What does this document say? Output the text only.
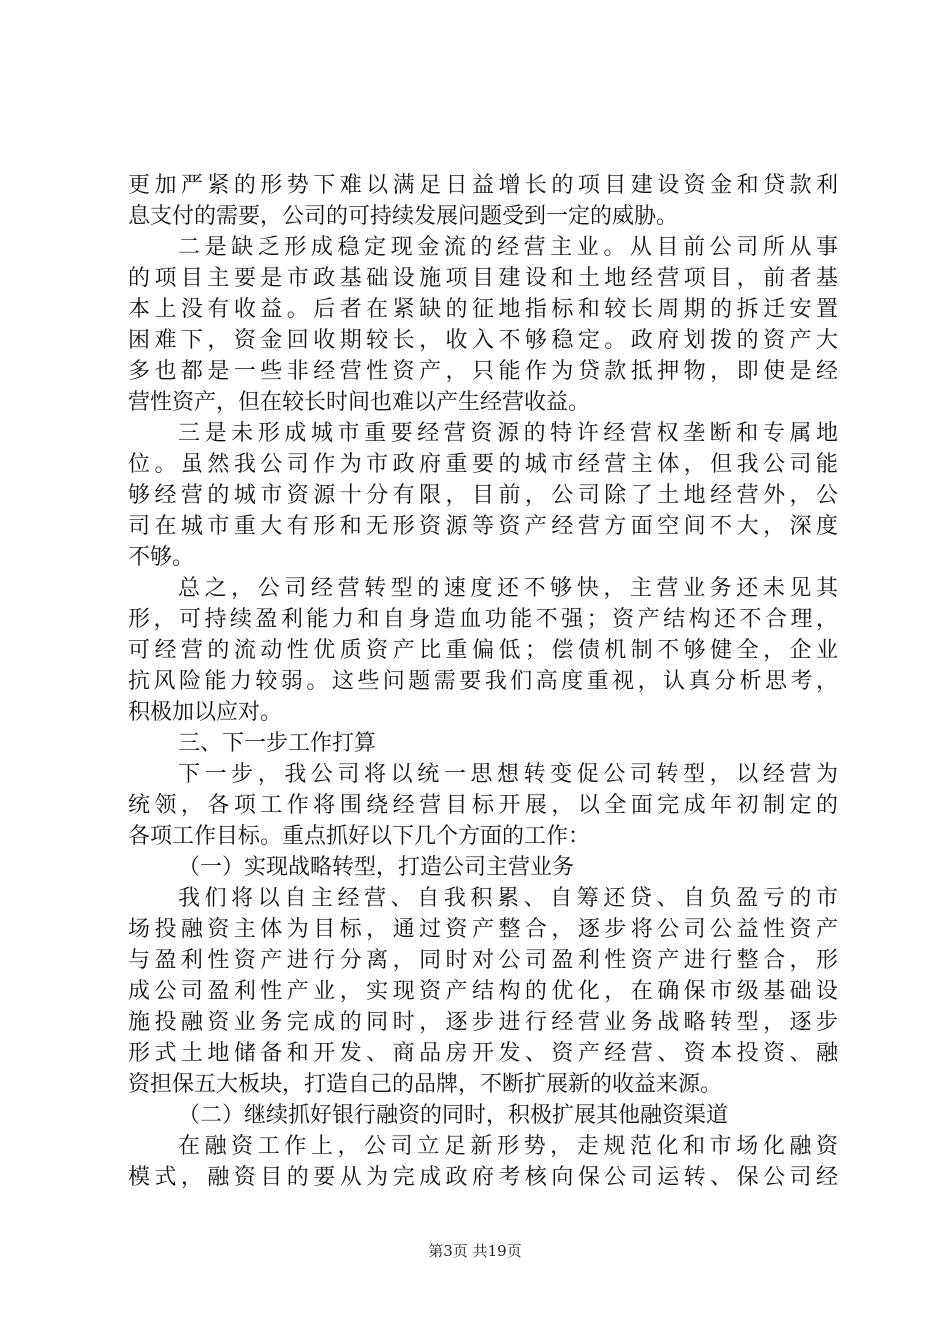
更加严紧的形势下难以满足日益增长的项目建设资金和贷款利
息支付的需要，公司的可持续发展问题受到一定的威胁。
二是缺乏形成稳定现金流的经营主业。从目前公司所从事
的项目主要是市政基础设施项目建设和土地经营项目，前者基
本上没有收益。后者在紧缺的征地指标和较长周期的拆迁安置
困难下，资金回收期较长，收入不够稳定。政府划拨的资产大
多也都是一些非经营性资产，只能作为贷款抵押物，即使是经
营性资产，但在较长时间也难以产生经营收益。
三是未形成城市重要经营资源的特许经营权垄断和专属地
位。虽然我公司作为市政府重要的城市经营主体，但我公司能
够经营的城市资源十分有限，目前，公司除了土地经营外，公
司在城市重大有形和无形资源等资产经营方面空间不大，深度
不够。
总之，公司经营转型的速度还不够快，主营业务还未见其
形，可持续盈利能力和自身造血功能不强；资产结构还不合理，
可经营的流动性优质资产比重偏低；偿债机制不够健全，企业
抗风险能力较弱。这些问题需要我们高度重视，认真分析思考，
积极加以应对。
三、下一步工作打算
下一步，我公司将以统一思想转变促公司转型，以经营为
统领，各项工作将围绕经营目标开展，以全面完成年初制定的
各项工作目标。重点抓好以下几个方面的工作：
（一）实现战略转型，打造公司主营业务
我们将以自主经营、自我积累、自筹还贷、自负盈亏的市
场投融资主体为目标，通过资产整合，逐步将公司公益性资产
与盈利性资产进行分离，同时对公司盈利性资产进行整合，形
成公司盈利性产业，实现资产结构的优化，在确保市级基础设
施投融资业务完成的同时，逐步进行经营业务战略转型，逐步
形式土地储备和开发、商品房开发、资产经营、资本投资、融
资担保五大板块，打造自己的品牌，不断扩展新的收益来源。
（二）继续抓好银行融资的同时，积极扩展其他融资渠道
在融资工作上，公司立足新形势，走规范化和市场化融资
模式，融资目的要从为完成政府考核向保公司运转、保公司经
第3页 共19页
